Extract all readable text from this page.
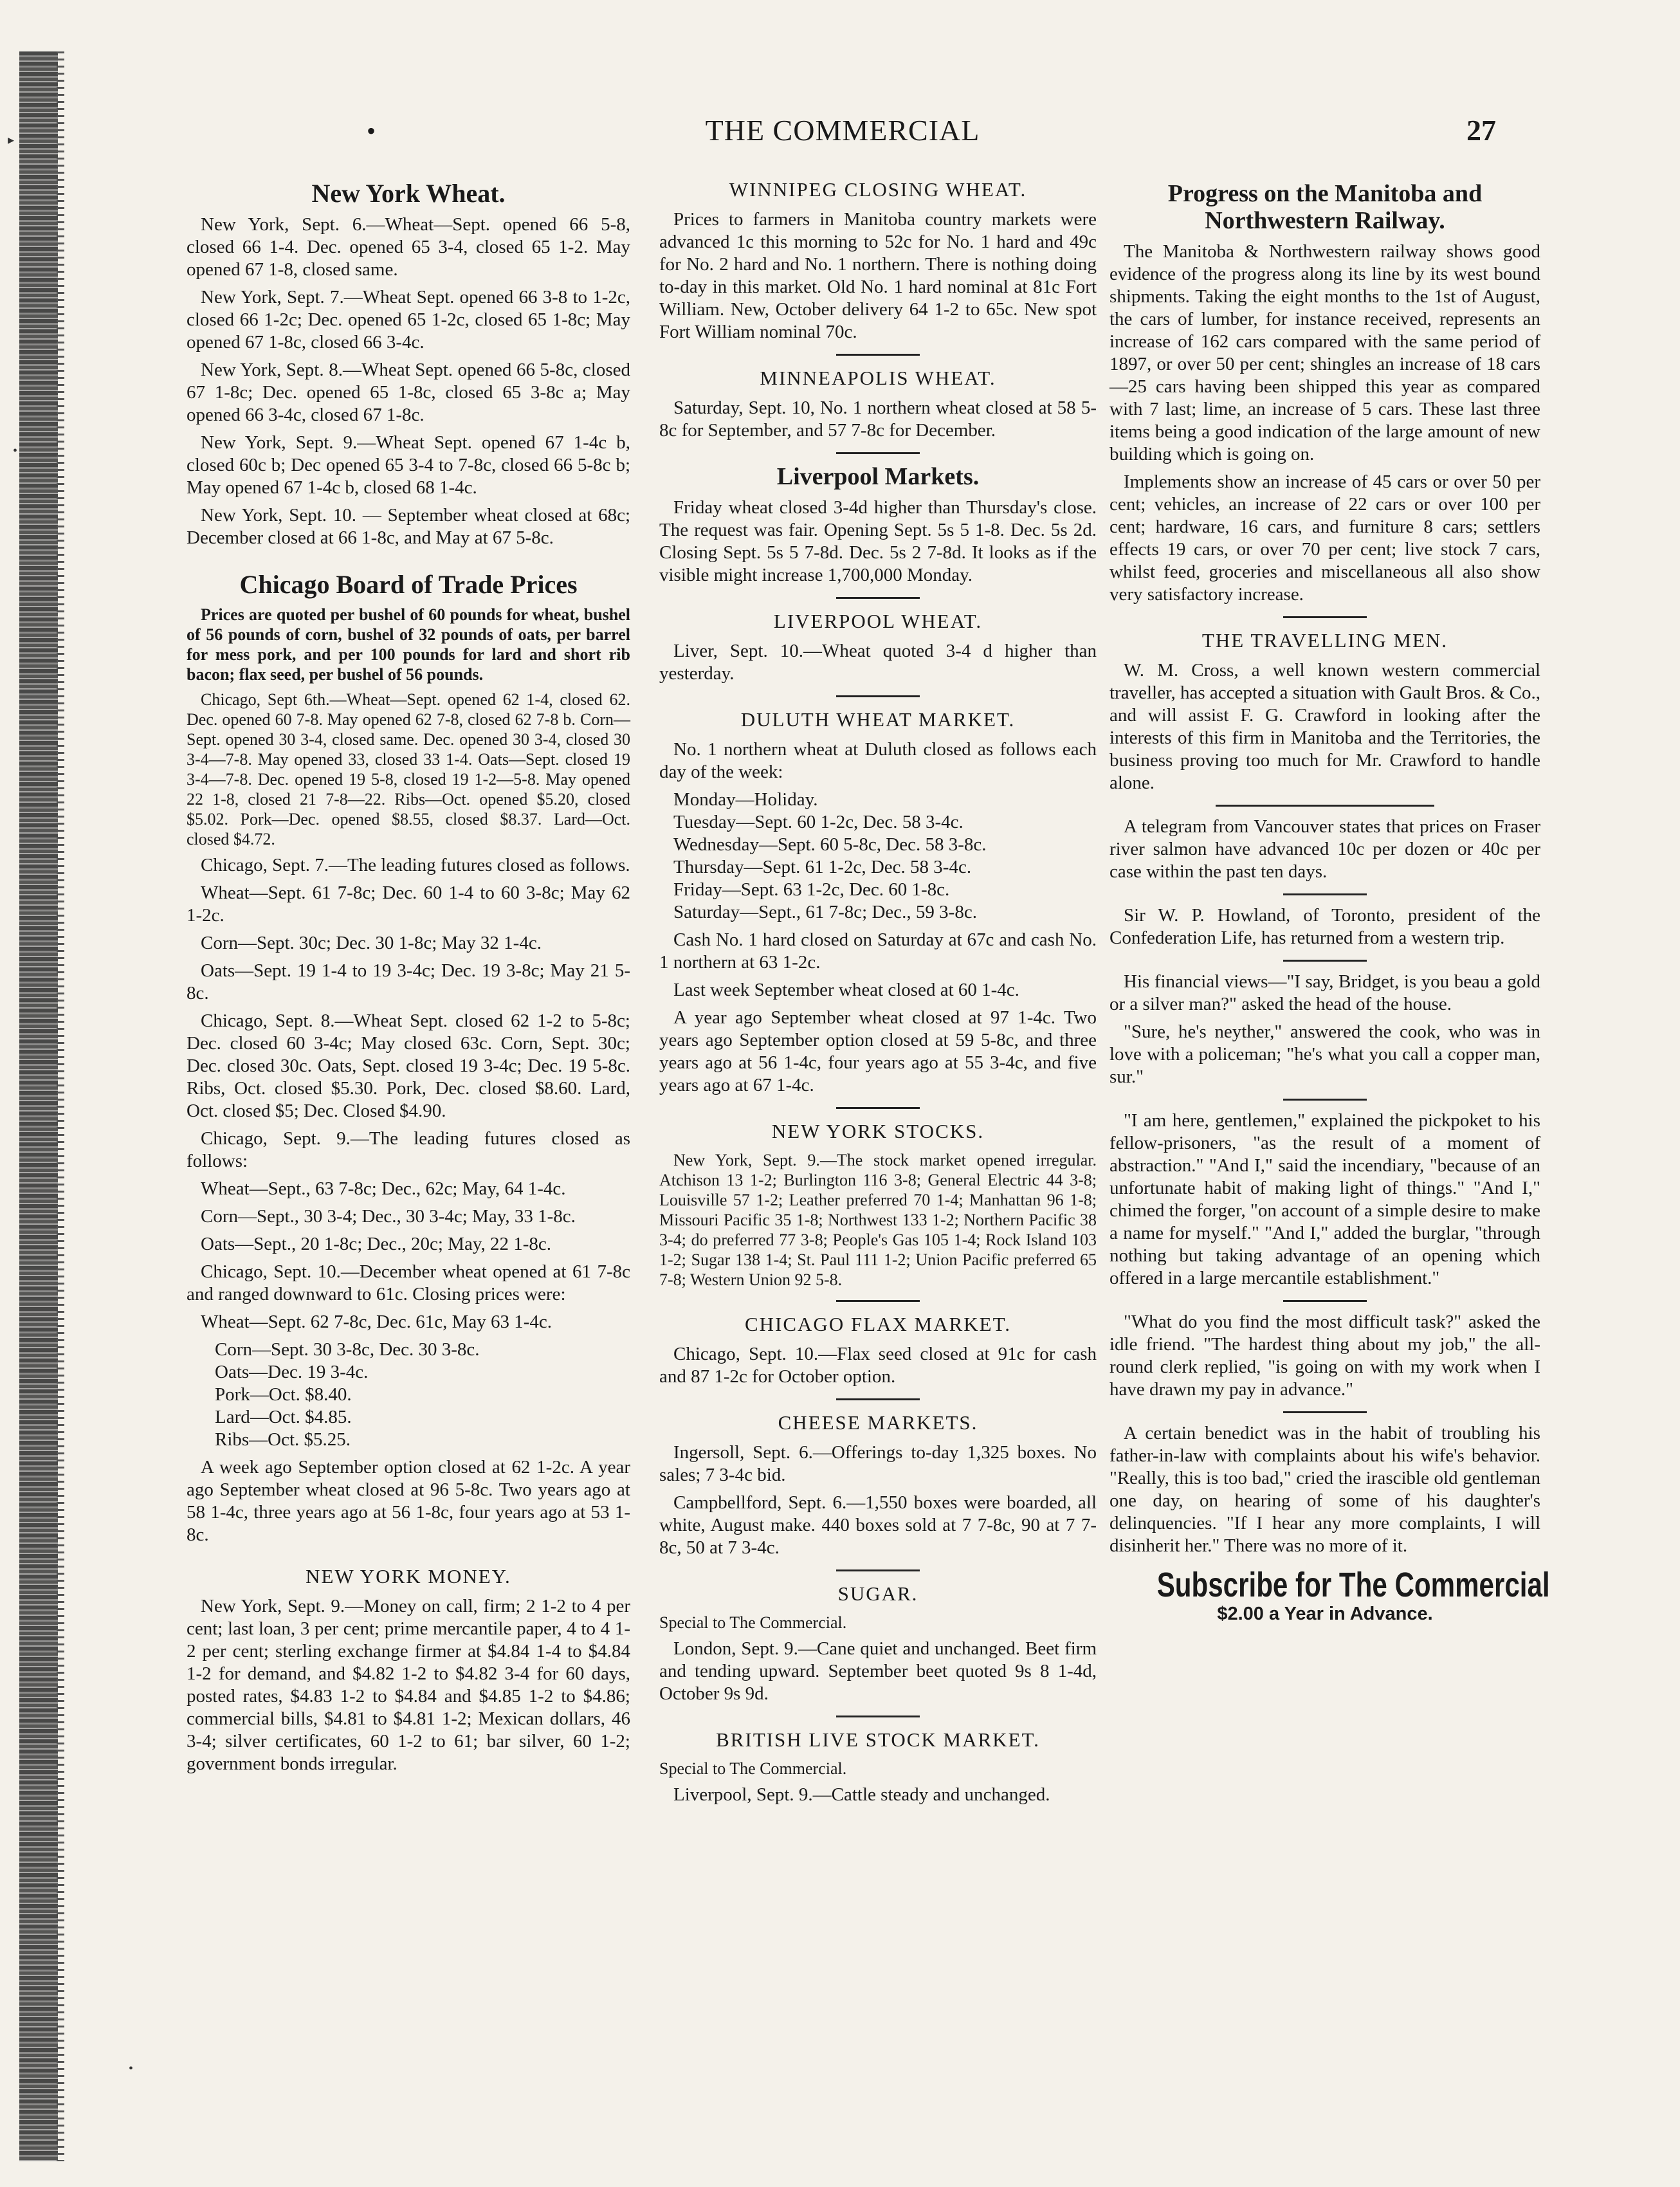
•	THE COMMERCIAL	27
New York Wheat.

New York, Sept. 6.—Wheat—Sept. opened 66 5-8, closed 66 1-4. Dec. opened 65 3-4, closed 65 1-2. May opened 67 1-8, closed same.

New York, Sept. 7.—Wheat Sept. opened 66 3-8 to 1-2c, closed 66 1-2c; Dec. opened 65 1-2c, closed 65 1-8c; May opened 67 1-8c, closed 66 3-4c.

New York, Sept. 8.—Wheat Sept. opened 66 5-8c, closed 67 1-8c; Dec. opened 65 1-8c, closed 65 3-8c a; May opened 66 3-4c, closed 67 1-8c.

New York, Sept. 9.—Wheat Sept. opened 67 1-4c b, closed 60c b; Dec opened 65 3-4 to 7-8c, closed 66 5-8c b; May opened 67 1-4c b, closed 68 1-4c.

New York, Sept. 10. — September wheat closed at 68c; December closed at 66 1-8c, and May at 67 5-8c.

Chicago Board of Trade Prices

Prices are quoted per bushel of 60 pounds for wheat, bushel of 56 pounds of corn, bushel of 32 pounds of oats, per barrel for mess pork, and per 100 pounds for lard and short rib bacon; flax seed, per bushel of 56 pounds.

Chicago, Sept 6th.—Wheat—Sept. opened 62 1-4, closed 62. Dec. opened 60 7-8. May opened 62 7-8, closed 62 7-8 b. Corn—Sept. opened 30 3-4, closed same. Dec. opened 30 3-4, closed 30 3-4—7-8. May opened 33, closed 33 1-4. Oats—Sept. closed 19 3-4—7-8. Dec. opened 19 5-8, closed 19 1-2—5-8. May opened 22 1-8, closed 21 7-8—22. Ribs—Oct. opened $5.20, closed $5.02. Pork—Dec. opened $8.55, closed $8.37. Lard—Oct. closed $4.72.

Chicago, Sept. 7.—The leading futures closed as follows.

Wheat—Sept. 61 7-8c; Dec. 60 1-4 to 60 3-8c; May 62 1-2c.

Corn—Sept. 30c; Dec. 30 1-8c; May 32 1-4c.

Oats—Sept. 19 1-4 to 19 3-4c; Dec. 19 3-8c; May 21 5-8c.

Chicago, Sept. 8.—Wheat Sept. closed 62 1-2 to 5-8c; Dec. closed 60 3-4c; May closed 63c. Corn, Sept. 30c; Dec. closed 30c. Oats, Sept. closed 19 3-4c; Dec. 19 5-8c. Ribs, Oct. closed $5.30. Pork, Dec. closed $8.60. Lard, Oct. closed $5; Dec. Closed $4.90.

Chicago, Sept. 9.—The leading futures closed as follows:

Wheat—Sept., 63 7-8c; Dec., 62c; May, 64 1-4c.

Corn—Sept., 30 3-4; Dec., 30 3-4c; May, 33 1-8c.

Oats—Sept., 20 1-8c; Dec., 20c; May, 22 1-8c.

Chicago, Sept. 10.—December wheat opened at 61 7-8c and ranged downward to 61c. Closing prices were:

Wheat—Sept. 62 7-8c, Dec. 61c, May 63 1-4c.

Corn—Sept. 30 3-8c, Dec. 30 3-8c.

Oats—Dec. 19 3-4c.

Pork—Oct. $8.40.

Lard—Oct. $4.85.

Ribs—Oct. $5.25.

A week ago September option closed at 62 1-2c. A year ago September wheat closed at 96 5-8c. Two years ago at 58 1-4c, three years ago at 56 1-8c, four years ago at 53 1-8c.

NEW YORK MONEY.

New York, Sept. 9.—Money on call, firm; 2 1-2 to 4 per cent; last loan, 3 per cent; prime mercantile paper, 4 to 4 1-2 per cent; sterling exchange firmer at $4.84 1-4 to $4.84 1-2 for demand, and $4.82 1-2 to $4.82 3-4 for 60 days, posted rates, $4.83 1-2 to $4.84 and $4.85 1-2 to $4.86; commercial bills, $4.81 to $4.81 1-2; Mexican dollars, 46 3-4; silver certificates, 60 1-2 to 61; bar silver, 60 1-2; government bonds irregular.

WINNIPEG CLOSING WHEAT.

Prices to farmers in Manitoba country markets were advanced 1c this morning to 52c for No. 1 hard and 49c for No. 2 hard and No. 1 northern. There is nothing doing to-day in this market. Old No. 1 hard nominal at 81c Fort William. New, October delivery 64 1-2 to 65c. New spot Fort William nominal 70c.

MINNEAPOLIS WHEAT.

Saturday, Sept. 10, No. 1 northern wheat closed at 58 5-8c for September, and 57 7-8c for December.

Liverpool Markets.

Friday wheat closed 3-4d higher than Thursday's close. The request was fair. Opening Sept. 5s 5 1-8. Dec. 5s 2d. Closing Sept. 5s 5 7-8d. Dec. 5s 2 7-8d. It looks as if the visible might increase 1,700,000 Monday.

LIVERPOOL WHEAT.

Liver, Sept. 10.—Wheat quoted 3-4 d higher than yesterday.

DULUTH WHEAT MARKET.

No. 1 northern wheat at Duluth closed as follows each day of the week:

Monday—Holiday.

Tuesday—Sept. 60 1-2c, Dec. 58 3-4c.

Wednesday—Sept. 60 5-8c, Dec. 58 3-8c.

Thursday—Sept. 61 1-2c, Dec. 58 3-4c.

Friday—Sept. 63 1-2c, Dec. 60 1-8c.

Saturday—Sept., 61 7-8c; Dec., 59 3-8c.

Cash No. 1 hard closed on Saturday at 67c and cash No. 1 northern at 63 1-2c.

Last week September wheat closed at 60 1-4c.

A year ago September wheat closed at 97 1-4c. Two years ago September option closed at 59 5-8c, and three years ago at 56 1-4c, four years ago at 55 3-4c, and five years ago at 67 1-4c.

NEW YORK STOCKS.

New York, Sept. 9.—The stock market opened irregular. Atchison 13 1-2; Burlington 116 3-8; General Electric 44 3-8; Louisville 57 1-2; Leather preferred 70 1-4; Manhattan 96 1-8; Missouri Pacific 35 1-8; Northwest 133 1-2; Northern Pacific 38 3-4; do preferred 77 3-8; People's Gas 105 1-4; Rock Island 103 1-2; Sugar 138 1-4; St. Paul 111 1-2; Union Pacific preferred 65 7-8; Western Union 92 5-8.

CHICAGO FLAX MARKET.

Chicago, Sept. 10.—Flax seed closed at 91c for cash and 87 1-2c for October option.

CHEESE MARKETS.

Ingersoll, Sept. 6.—Offerings to-day 1,325 boxes. No sales; 7 3-4c bid.

Campbellford, Sept. 6.—1,550 boxes were boarded, all white, August make. 440 boxes sold at 7 7-8c, 90 at 7 7-8c, 50 at 7 3-4c.

SUGAR.

Special to The Commercial.

London, Sept. 9.—Cane quiet and unchanged. Beet firm and tending upward. September beet quoted 9s 8 1-4d, October 9s 9d.

BRITISH LIVE STOCK MARKET.

Special to The Commercial.

Liverpool, Sept. 9.—Cattle steady and unchanged.

Progress on the Manitoba and Northwestern Railway.

The Manitoba & Northwestern railway shows good evidence of the progress along its line by its west bound shipments. Taking the eight months to the 1st of August, the cars of lumber, for instance received, represents an increase of 162 cars compared with the same period of 1897, or over 50 per cent; shingles an increase of 18 cars—25 cars having been shipped this year as compared with 7 last; lime, an increase of 5 cars. These last three items being a good indication of the large amount of new building which is going on.

Implements show an increase of 45 cars or over 50 per cent; vehicles, an increase of 22 cars or over 100 per cent; hardware, 16 cars, and furniture 8 cars; settlers effects 19 cars, or over 70 per cent; live stock 7 cars, whilst feed, groceries and miscellaneous all also show very satisfactory increase.

THE TRAVELLING MEN.

W. M. Cross, a well known western commercial traveller, has accepted a situation with Gault Bros. & Co., and will assist F. G. Crawford in looking after the interests of this firm in Manitoba and the Territories, the business proving too much for Mr. Crawford to handle alone.

A telegram from Vancouver states that prices on Fraser river salmon have advanced 10c per dozen or 40c per case within the past ten days.

Sir W. P. Howland, of Toronto, president of the Confederation Life, has returned from a western trip.

His financial views—"I say, Bridget, is you beau a gold or a silver man?" asked the head of the house.

"Sure, he's neyther," answered the cook, who was in love with a policeman; "he's what you call a copper man, sur."

"I am here, gentlemen," explained the pickpoket to his fellow-prisoners, "as the result of a moment of abstraction." "And I," said the incendiary, "because of an unfortunate habit of making light of things." "And I," chimed the forger, "on account of a simple desire to make a name for myself." "And I," added the burglar, "through nothing but taking advantage of an opening which offered in a large mercantile establishment."

"What do you find the most difficult task?" asked the idle friend. "The hardest thing about my job," the all-round clerk replied, "is going on with my work when I have drawn my pay in advance."

A certain benedict was in the habit of troubling his father-in-law with complaints about his wife's behavior. "Really, this is too bad," cried the irascible old gentleman one day, on hearing of some of his daughter's delinquencies. "If I hear any more complaints, I will disinherit her." There was no more of it.

Subscribe for The Commercial
$2.00 a Year in Advance.
▸
•
•
